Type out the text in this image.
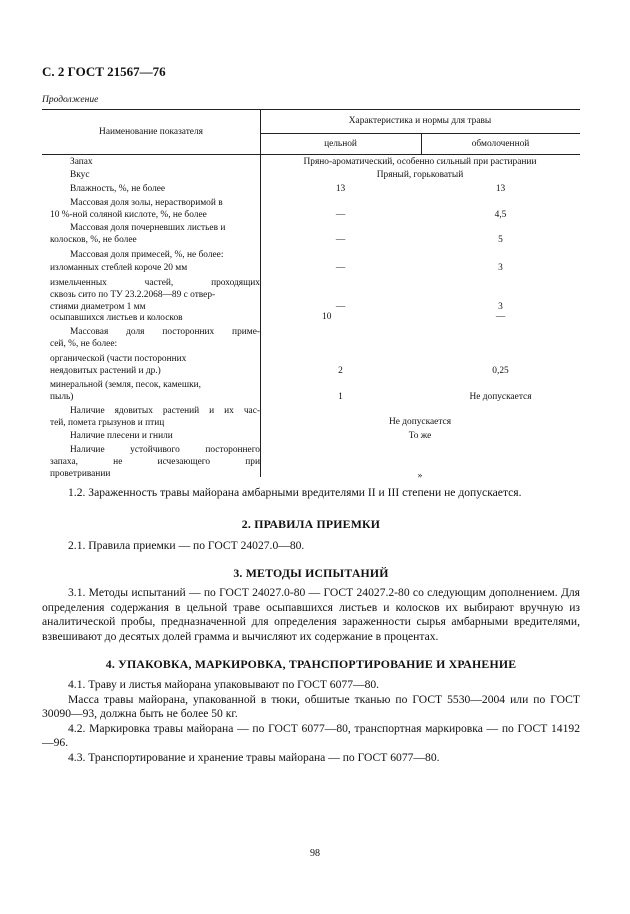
С. 2 ГОСТ 21567—76
Продолжение
Наименование показателя
Характеристика и нормы для травы
цельной	обмолоченной
Запах	Пряно-ароматический, особенно сильный при растирании
Вкус	Пряный, горьковатый
Влажность, %, не более	13	13
Массовая доля золы, нерастворимой в
10 %-ной соляной кислоте, %, не более	—	4,5
Массовая доля почерневших листьев и
колосков, %, не более	—	5
Массовая доля примесей, %, не более:
изломанных стеблей короче 20 мм	—	3
измельченных частей, проходящих
сквозь сито по ТУ 23.2.2068—89 с отвер-
стиями диаметром 1 мм	—	3
осыпавшихся листьев и колосков	10	—
Массовая доля посторонних приме-
сей, %, не более:
органической (части посторонних
неядовитых растений и др.)	2	0,25
минеральной (земля, песок, камешки,
пыль)	1	Не допускается
Наличие ядовитых растений и их час-
тей, помета грызунов и птиц	Не допускается
Наличие плесени и гнили	То же
Наличие устойчивого постороннего
запаха, не исчезающего при
проветривании	»

1.2. Зараженность травы майорана амбарными вредителями II и III степени не допускается.

2. ПРАВИЛА ПРИЕМКИ

2.1. Правила приемки — по ГОСТ 24027.0—80.

3. МЕТОДЫ ИСПЫТАНИЙ

3.1. Методы испытаний — по ГОСТ 24027.0-80 — ГОСТ 24027.2-80 со следующим дополнением. Для определения содержания в цельной траве осыпавшихся листьев и колосков их выбирают вручную из аналитической пробы, предназначенной для определения зараженности сырья амбарными вредителями, взвешивают до десятых долей грамма и вычисляют их содержание в процентах.

4. УПАКОВКА, МАРКИРОВКА, ТРАНСПОРТИРОВАНИЕ И ХРАНЕНИЕ

4.1. Траву и листья майорана упаковывают по ГОСТ 6077—80.

Масса травы майорана, упакованной в тюки, обшитые тканью по ГОСТ 5530—2004 или по ГОСТ 30090—93, должна быть не более 50 кг.

4.2. Маркировка травы майорана — по ГОСТ 6077—80, транспортная маркировка — по ГОСТ 14192—96.

4.3. Транспортирование и хранение травы майорана — по ГОСТ 6077—80.

98
